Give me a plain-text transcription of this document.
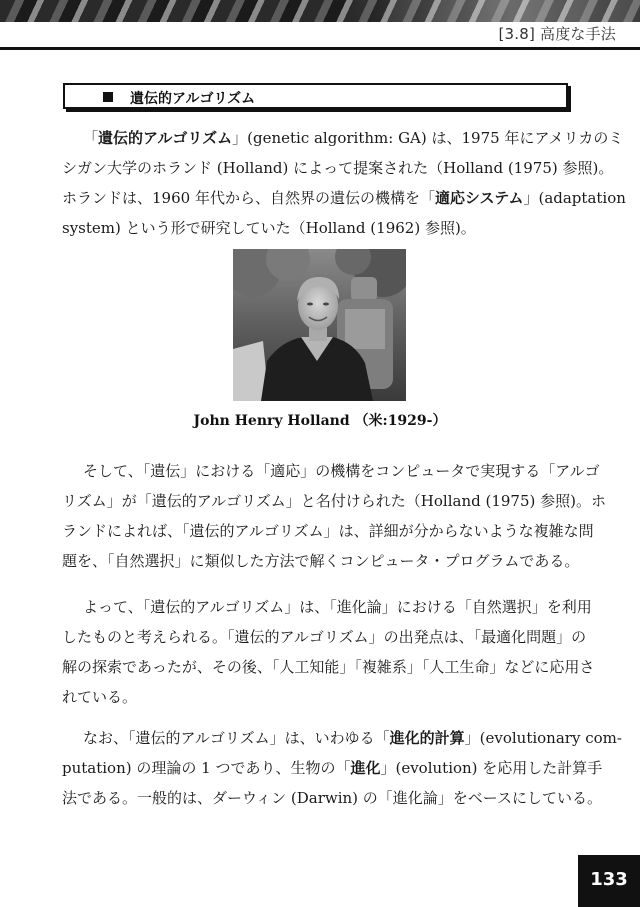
[3.8] 高度な手法
遺伝的アルゴリズム

「遺伝的アルゴリズム」(genetic algorithm: GA) は、1975 年にアメリカのミ
シガン大学のホランド (Holland) によって提案された（Holland (1975) 参照)。
ホランドは、1960 年代から、自然界の遺伝の機構を「適応システム」(adaptation
system) という形で研究していた（Holland (1962) 参照)。

John Henry Holland （米:1929-）

そして、「遺伝」における「適応」の機構をコンピュータで実現する「アルゴ
リズム」が「遺伝的アルゴリズム」と名付けられた（Holland (1975) 参照)。ホ
ランドによれば、「遺伝的アルゴリズム」は、詳細が分からないような複雑な問
題を、「自然選択」に類似した方法で解くコンピュータ・プログラムである。

よって、「遺伝的アルゴリズム」は、「進化論」における「自然選択」を利用
したものと考えられる。「遺伝的アルゴリズム」の出発点は、「最適化問題」の
解の探索であったが、その後、「人工知能」「複雑系」「人工生命」などに応用さ
れている。

なお、「遺伝的アルゴリズム」は、いわゆる「進化的計算」(evolutionary com-
putation) の理論の 1 つであり、生物の「進化」(evolution) を応用した計算手
法である。一般的は、ダーウィン (Darwin) の「進化論」をベースにしている。

133
